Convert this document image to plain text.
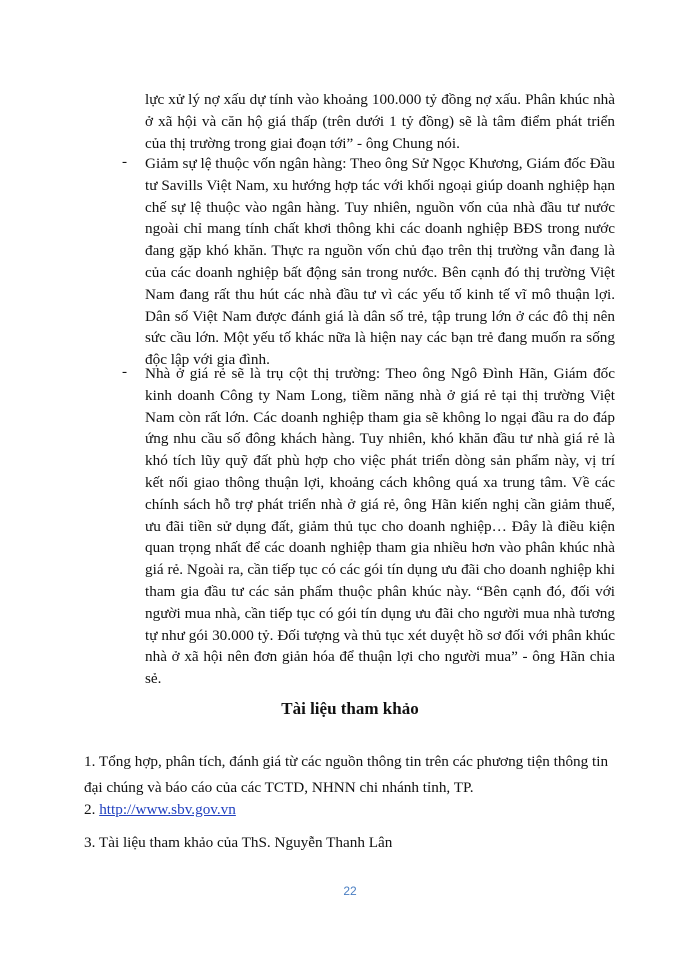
lực xử lý nợ xấu dự tính vào khoảng 100.000 tỷ đồng nợ xấu. Phân khúc nhà ở xã hội và căn hộ giá thấp (trên dưới 1 tỷ đồng) sẽ là tâm điểm phát triển của thị trường trong giai đoạn tới” - ông Chung nói.
- Giảm sự lệ thuộc vốn ngân hàng: Theo ông Sử Ngọc Khương, Giám đốc Đầu tư Savills Việt Nam, xu hướng hợp tác với khối ngoại giúp doanh nghiệp hạn chế sự lệ thuộc vào ngân hàng. Tuy nhiên, nguồn vốn của nhà đầu tư nước ngoài chỉ mang tính chất khơi thông khi các doanh nghiệp BĐS trong nước đang gặp khó khăn. Thực ra nguồn vốn chủ đạo trên thị trường vẫn đang là của các doanh nghiệp bất động sản trong nước. Bên cạnh đó thị trường Việt Nam đang rất thu hút các nhà đầu tư vì các yếu tố kinh tế vĩ mô thuận lợi. Dân số Việt Nam được đánh giá là dân số trẻ, tập trung lớn ở các đô thị nên sức cầu lớn. Một yếu tố khác nữa là hiện nay các bạn trẻ đang muốn ra sống độc lập với gia đình.
- Nhà ở giá rẻ sẽ là trụ cột thị trường: Theo ông Ngô Đình Hãn, Giám đốc kinh doanh Công ty Nam Long, tiềm năng nhà ở giá rẻ tại thị trường Việt Nam còn rất lớn. Các doanh nghiệp tham gia sẽ không lo ngại đầu ra do đáp ứng nhu cầu số đông khách hàng. Tuy nhiên, khó khăn đầu tư nhà giá rẻ là khó tích lũy quỹ đất phù hợp cho việc phát triển dòng sản phẩm này, vị trí kết nối giao thông thuận lợi, khoảng cách không quá xa trung tâm. Về các chính sách hỗ trợ phát triển nhà ở giá rẻ, ông Hãn kiến nghị cần giảm thuế, ưu đãi tiền sử dụng đất, giảm thủ tục cho doanh nghiệp… Đây là điều kiện quan trọng nhất để các doanh nghiệp tham gia nhiều hơn vào phân khúc nhà giá rẻ. Ngoài ra, cần tiếp tục có các gói tín dụng ưu đãi cho doanh nghiệp khi tham gia đầu tư các sản phẩm thuộc phân khúc này. “Bên cạnh đó, đối với người mua nhà, cần tiếp tục có gói tín dụng ưu đãi cho người mua nhà tương tự như gói 30.000 tỷ. Đối tượng và thủ tục xét duyệt hồ sơ đối với phân khúc nhà ở xã hội nên đơn giản hóa để thuận lợi cho người mua” - ông Hãn chia sẻ.
Tài liệu tham khảo
1. Tổng hợp, phân tích, đánh giá từ các nguồn thông tin trên các phương tiện thông tin đại chúng và báo cáo của các TCTD, NHNN chi nhánh tỉnh, TP.
2. http://www.sbv.gov.vn
3. Tài liệu tham khảo của ThS. Nguyễn Thanh Lân
22
